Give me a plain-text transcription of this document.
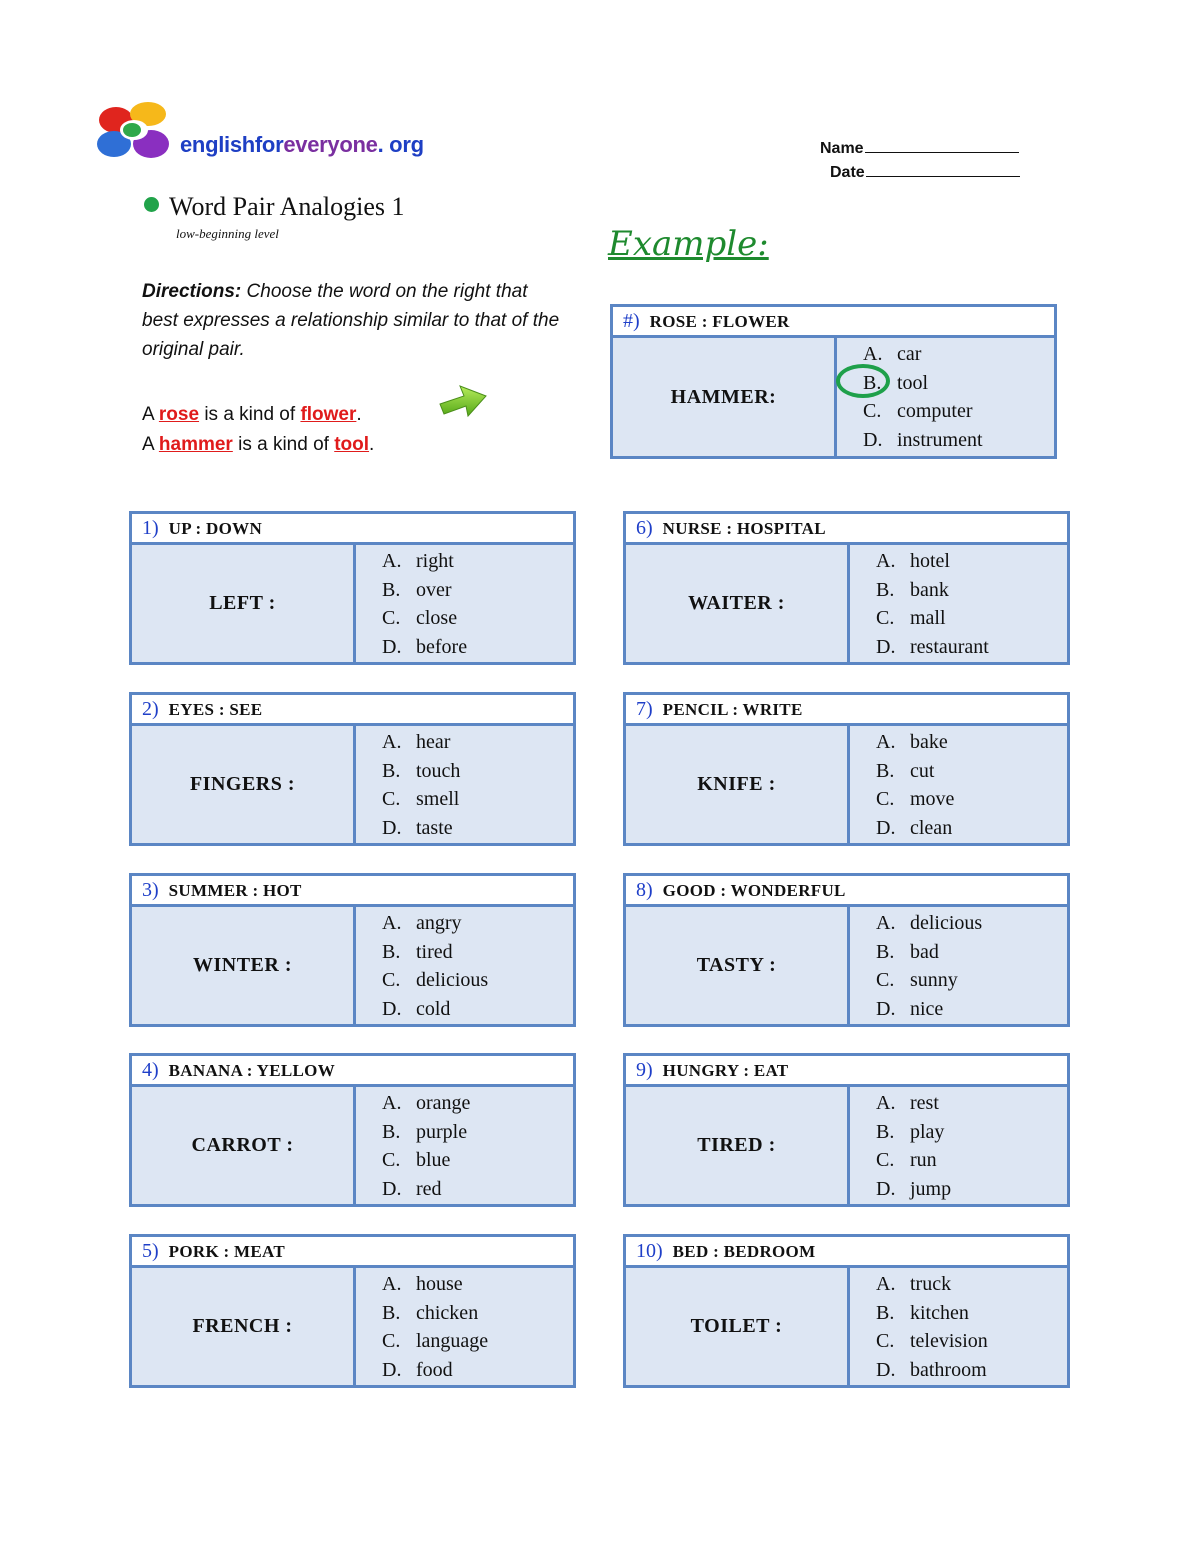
englishforeveryone. org	Name
Date
Word Pair Analogies 1
low-beginning level
Directions: Choose the word on the right that best expresses a relationship similar to that of the original pair.
A rose is a kind of flower.
A hammer is a kind of tool.
Example:
#) ROSE : FLOWER
HAMMER:
A. car
B. tool
C. computer
D. instrument
1) UP : DOWN
LEFT :
A. right
B. over
C. close
D. before
2) EYES : SEE
FINGERS :
A. hear
B. touch
C. smell
D. taste
3) SUMMER : HOT
WINTER :
A. angry
B. tired
C. delicious
D. cold
4) BANANA : YELLOW
CARROT :
A. orange
B. purple
C. blue
D. red
5) PORK : MEAT
FRENCH :
A. house
B. chicken
C. language
D. food
6) NURSE : HOSPITAL
WAITER :
A. hotel
B. bank
C. mall
D. restaurant
7) PENCIL : WRITE
KNIFE :
A. bake
B. cut
C. move
D. clean
8) GOOD : WONDERFUL
TASTY :
A. delicious
B. bad
C. sunny
D. nice
9) HUNGRY : EAT
TIRED :
A. rest
B. play
C. run
D. jump
10) BED : BEDROOM
TOILET :
A. truck
B. kitchen
C. television
D. bathroom
